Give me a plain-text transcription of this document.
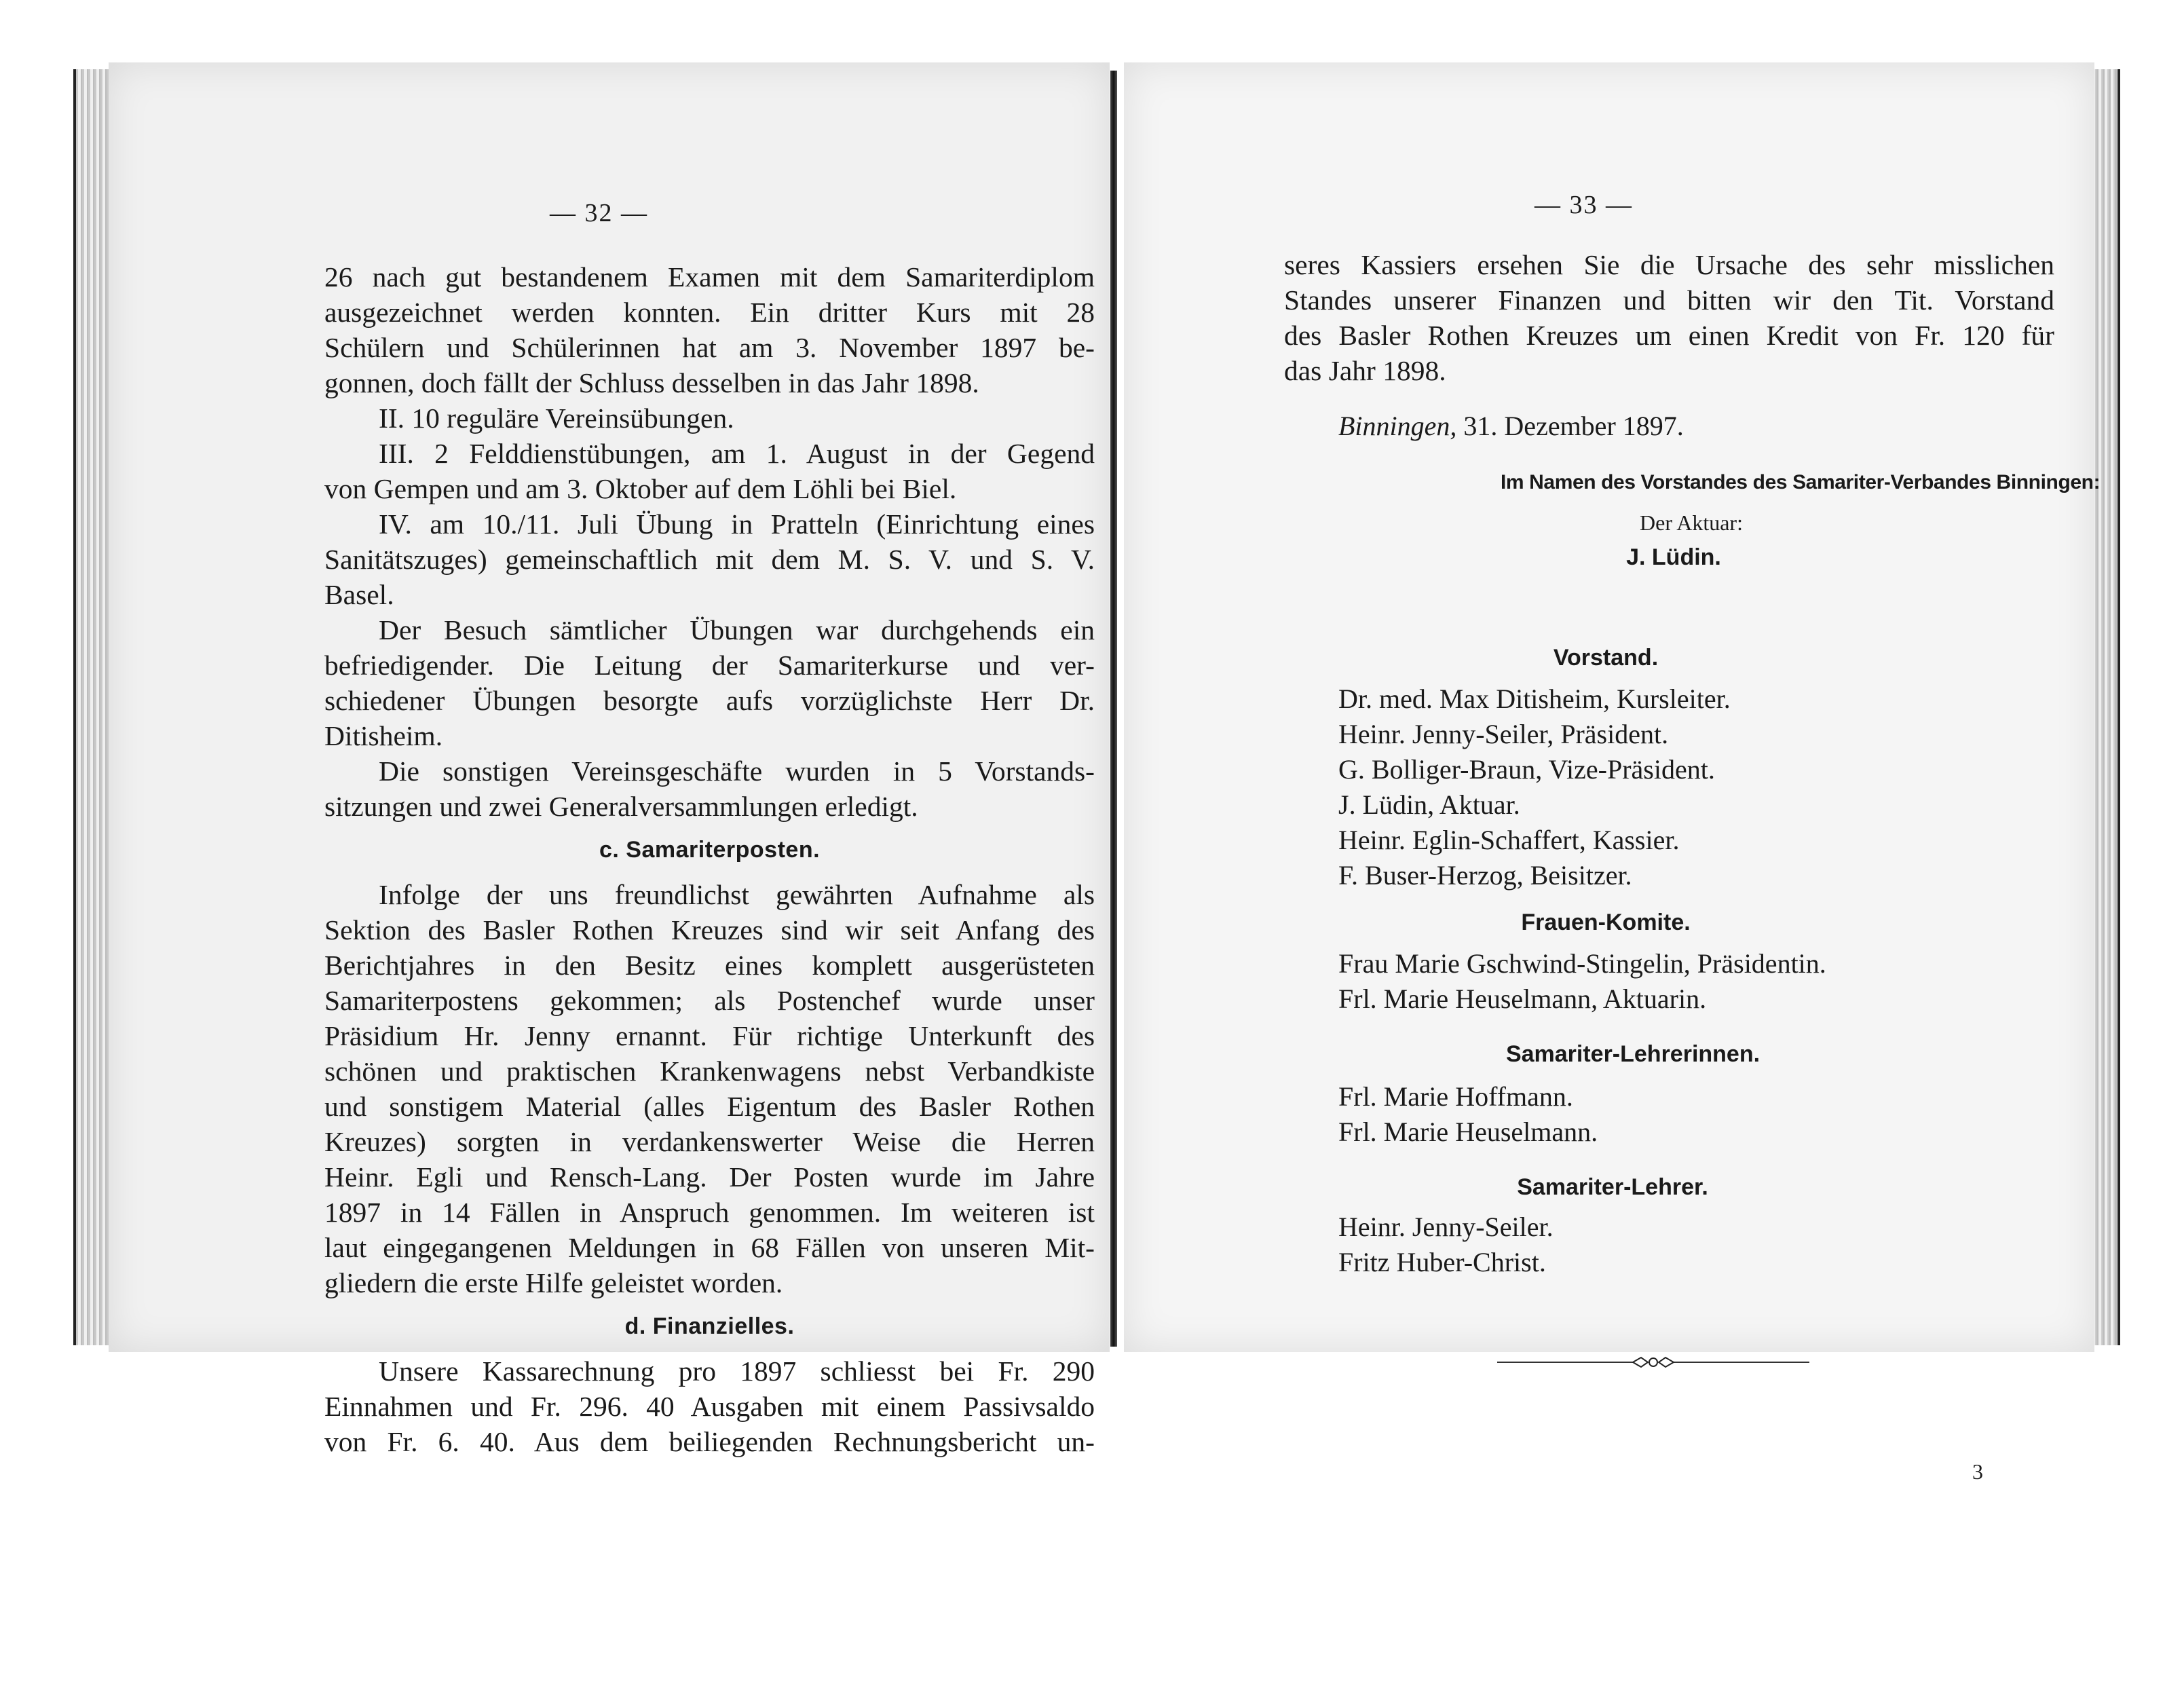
— 32 —

26 nach gut bestandenem Examen mit dem Samariterdiplom

ausgezeichnet werden konnten. Ein dritter Kurs mit 28

Schülern und Schülerinnen hat am 3. November 1897 be-

gonnen, doch fällt der Schluss desselben in das Jahr 1898.

II. 10 reguläre Vereinsübungen.

III. 2 Felddienstübungen, am 1. August in der Gegend

von Gempen und am 3. Oktober auf dem Löhli bei Biel.

IV. am 10./11. Juli Übung in Pratteln (Einrichtung eines

Sanitätszuges) gemeinschaftlich mit dem M. S. V. und S. V.

Basel.

Der Besuch sämtlicher Übungen war durchgehends ein

befriedigender. Die Leitung der Samariterkurse und ver-

schiedener Übungen besorgte aufs vorzüglichste Herr Dr.

Ditisheim.

Die sonstigen Vereinsgeschäfte wurden in 5 Vorstands-

sitzungen und zwei Generalversammlungen erledigt.

c. Samariterposten.

Infolge der uns freundlichst gewährten Aufnahme als

Sektion des Basler Rothen Kreuzes sind wir seit Anfang des

Berichtjahres in den Besitz eines komplett ausgerüsteten

Samariterpostens gekommen; als Postenchef wurde unser

Präsidium Hr. Jenny ernannt. Für richtige Unterkunft des

schönen und praktischen Krankenwagens nebst Verbandkiste

und sonstigem Material (alles Eigentum des Basler Rothen

Kreuzes) sorgten in verdankenswerter Weise die Herren

Heinr. Egli und Rensch-Lang. Der Posten wurde im Jahre

1897 in 14 Fällen in Anspruch genommen. Im weiteren ist

laut eingegangenen Meldungen in 68 Fällen von unseren Mit-

gliedern die erste Hilfe geleistet worden.

d. Finanzielles.

Unsere Kassarechnung pro 1897 schliesst bei Fr. 290

Einnahmen und Fr. 296. 40 Ausgaben mit einem Passivsaldo

von Fr. 6. 40. Aus dem beiliegenden Rechnungsbericht un-

— 33 —

seres Kassiers ersehen Sie die Ursache des sehr misslichen

Standes unserer Finanzen und bitten wir den Tit. Vorstand

des Basler Rothen Kreuzes um einen Kredit von Fr. 120 für

das Jahr 1898.

Binningen, 31. Dezember 1897.
Im Namen des Vorstandes des Samariter-Verbandes Binningen:
Der Aktuar:
J. Lüdin.
Vorstand.
Dr. med. Max Ditisheim, Kursleiter.
Heinr. Jenny-Seiler, Präsident.
G. Bolliger-Braun, Vize-Präsident.
J. Lüdin, Aktuar.
Heinr. Eglin-Schaffert, Kassier.
F. Buser-Herzog, Beisitzer.
Frauen-Komite.
Frau Marie Gschwind-Stingelin, Präsidentin.
Frl. Marie Heuselmann, Aktuarin.
Samariter-Lehrerinnen.
Frl. Marie Hoffmann.
Frl. Marie Heuselmann.
Samariter-Lehrer.
Heinr. Jenny-Seiler.
Fritz Huber-Christ.
3
